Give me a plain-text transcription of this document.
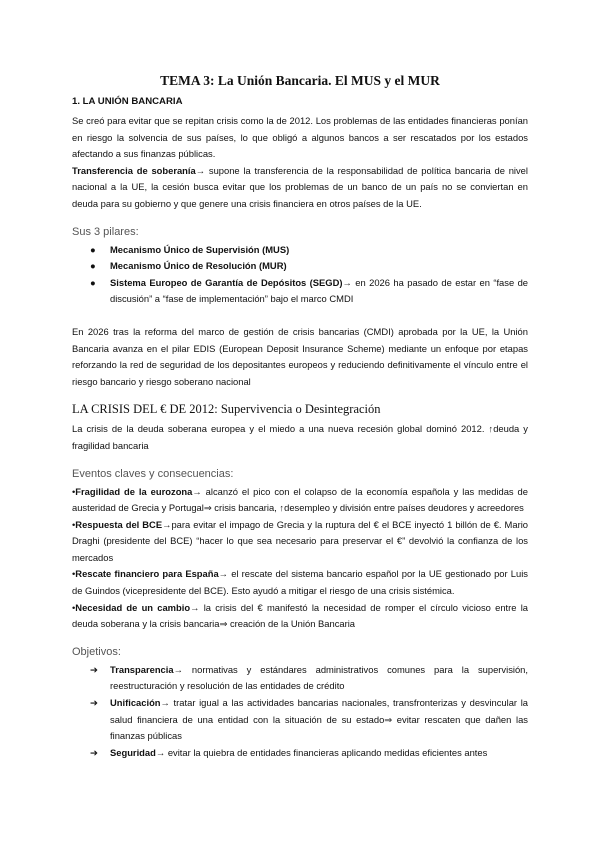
TEMA 3: La Unión Bancaria. El MUS y el MUR
1. LA UNIÓN BANCARIA

Se creó para evitar que se repitan crisis como la de 2012. Los problemas de las entidades financieras ponían en riesgo la solvencia de sus países, lo que obligó a algunos bancos a ser rescatados por los estados afectando a sus finanzas públicas.

Transferencia de soberanía→ supone la transferencia de la responsabilidad de política bancaria de nivel nacional a la UE, la cesión busca evitar que los problemas de un banco de un país no se conviertan en deuda para su gobierno y que genere una crisis financiera en otros países de la UE.

Sus 3 pilares:
● Mecanismo Único de Supervisión (MUS)
● Mecanismo Único de Resolución (MUR)
● Sistema Europeo de Garantía de Depósitos (SEGD)→ en 2026 ha pasado de estar en “fase de discusión” a “fase de implementación” bajo el marco CMDI

En 2026 tras la reforma del marco de gestión de crisis bancarias (CMDI) aprobada por la UE, la Unión Bancaria avanza en el pilar EDIS (European Deposit Insurance Scheme) mediante un enfoque por etapas reforzando la red de seguridad de los depositantes europeos y reduciendo definitivamente el vínculo entre el riesgo bancario y riesgo soberano nacional

LA CRISIS DEL € DE 2012: Supervivencia o Desintegración

La crisis de la deuda soberana europea y el miedo a una nueva recesión global dominó 2012. ↑deuda y fragilidad bancaria

Eventos claves y consecuencias:

•Fragilidad de la eurozona→ alcanzó el pico con el colapso de la economía española y las medidas de austeridad de Grecia y Portugal⇒ crisis bancaria, ↑desempleo y división entre países deudores y acreedores

•Respuesta del BCE→para evitar el impago de Grecia y la ruptura del € el BCE inyectó 1 billón de €. Mario Draghi (presidente del BCE) “hacer lo que sea necesario para preservar el €” devolvió la confianza de los mercados

•Rescate financiero para España→ el rescate del sistema bancario español por la UE gestionado por Luis de Guindos (vicepresidente del BCE). Esto ayudó a mitigar el riesgo de una crisis sistémica.

•Necesidad de un cambio→ la crisis del € manifestó la necesidad de romper el círculo vicioso entre la deuda soberana y la crisis bancaria⇒ creación de la Unión Bancaria

Objetivos:
➔ Transparencia→ normativas y estándares administrativos comunes para la supervisión, reestructuración y resolución de las entidades de crédito
➔ Unificación→ tratar igual a las actividades bancarias nacionales, transfronterizas y desvincular la salud financiera de una entidad con la situación de su estado⇒ evitar rescaten que dañen las finanzas públicas
➔ Seguridad→ evitar la quiebra de entidades financieras aplicando medidas eficientes antes
